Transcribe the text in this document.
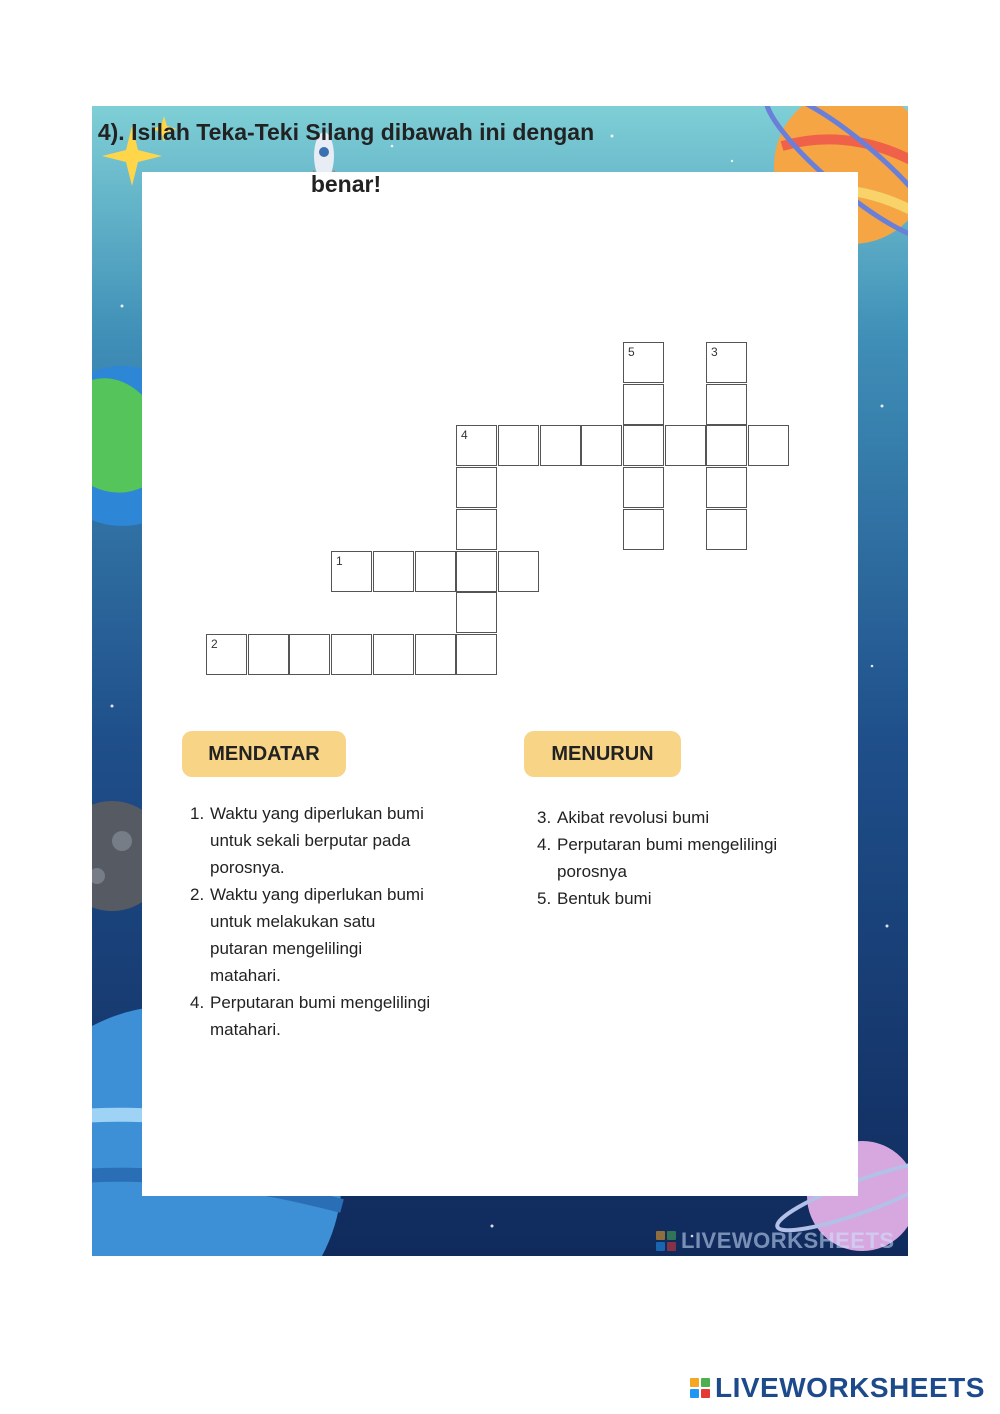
4). Isilah Teka-Teki Silang dibawah ini dengan benar!
5	3
4
1
2
MENDATAR	MENURUN
1. Waktu yang diperlukan bumi
untuk sekali berputar pada
porosnya.
2. Waktu yang diperlukan bumi
untuk melakukan satu
putaran mengelilingi
matahari.
4. Perputaran bumi mengelilingi
matahari.
3. Akibat revolusi bumi
4. Perputaran bumi mengelilingi
porosnya
5. Bentuk bumi
LIVEWORKSHEETS
LIVEWORKSHEETS
